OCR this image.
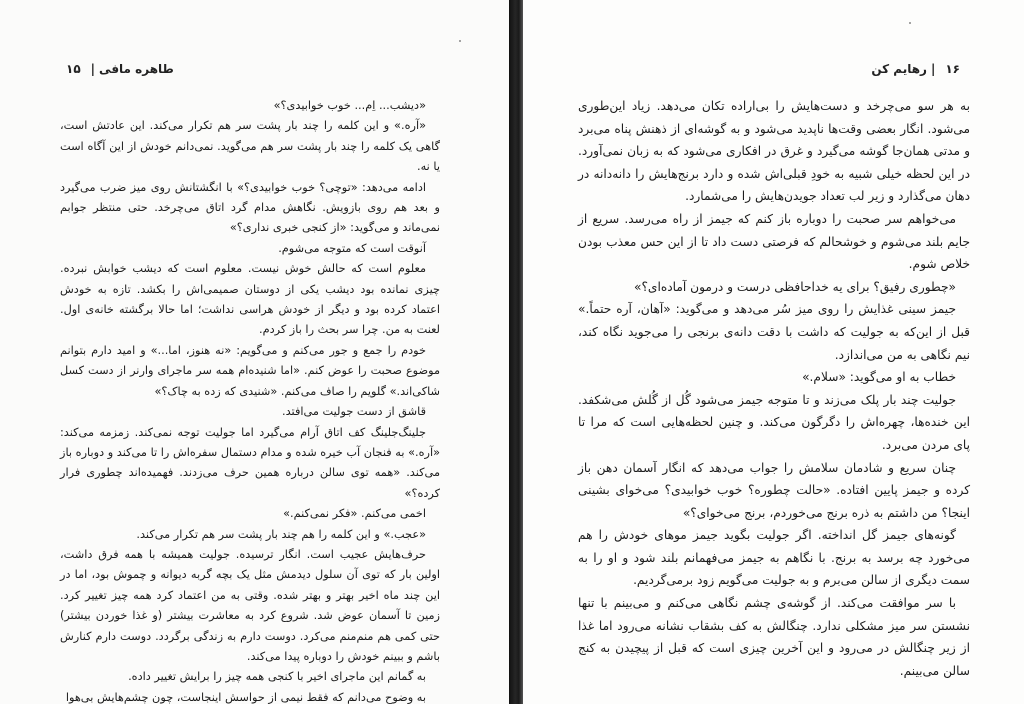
طاهره مافی|۱۵

«دیشب... اِم... خوب خوابیدی؟»

«آره.» و این کلمه را چند بار پشت سر هم تکرار می‌کند. این عادتش است، گاهی یک کلمه را چند بار پشت سر هم می‌گوید. نمی‌دانم خودش از این آگاه است یا نه.

ادامه می‌دهد: «توچی؟ خوب خوابیدی؟» با انگشتانش روی میز ضرب می‌گیرد و بعد هم روی بازویش. نگاهش مدام گرد اتاق می‌چرخد. حتی منتظر جوابم نمی‌ماند و می‌گوید: «از کنجی خبری نداری؟»

آنوقت است که متوجه می‌شوم.

معلوم است که حالش خوش نیست. معلوم است که دیشب خوابش نبرده. چیزی نمانده بود دیشب یکی از دوستان صمیمی‌اش را بکشد. تازه به خودش اعتماد کرده بود و دیگر از خودش هراسی نداشت؛ اما حالا برگشته خانه‌ی اول. لعنت به من. چرا سر بحث را باز کردم.

خودم را جمع و جور می‌کنم و می‌گویم: «نه هنوز، اما...» و امید دارم بتوانم موضوع صحبت را عوض کنم. «اما شنیده‌ام همه سر ماجرای وارنر از دست کسل شاکی‌اند.» گلویم را صاف می‌کنم. «شنیدی که زده به چاک؟»

قاشق از دست جولیت می‌افتد.

جلینگ‌جلینگ کف اتاق آرام می‌گیرد اما جولیت توجه نمی‌کند. زمزمه می‌کند: «آره.» به فنجان آب خیره شده و مدام دستمال سفره‌اش را تا می‌کند و دوباره باز می‌کند. «همه توی سالن درباره همین حرف می‌زدند. فهمیده‌اند چطوری فرار کرده؟»

اخمی می‌کنم. «فکر نمی‌کنم.»

«عجب.» و این کلمه را هم چند بار پشت سر هم تکرار می‌کند.

حرف‌هایش عجیب است. انگار ترسیده. جولیت همیشه با همه فرق داشت، اولین بار که توی آن سلول دیدمش مثل یک بچه گربه دیوانه و چموش بود، اما در این چند ماه اخیر بهتر و بهتر شده. وقتی به من اعتماد کرد همه چیز تغییر کرد. زمین تا آسمان عوض شد. شروع کرد به معاشرت بیشتر (و غذا خوردن بیشتر) حتی کمی هم منم‌منم می‌کرد. دوست دارم به زندگی برگردد. دوست دارم کنارش باشم و ببینم خودش را دوباره پیدا می‌کند.

به گمانم این ماجرای اخیر با کنجی همه چیز را برایش تغییر داده.

به وضوح می‌دانم که فقط نیمی از حواسش اینجاست، چون چشم‌هایش بی‌هوا

۱۶|رهایم کن

به هر سو می‌چرخد و دست‌هایش را بی‌اراده تکان می‌دهد. زیاد این‌طوری می‌شود. انگار بعضی وقت‌ها ناپدید می‌شود و به گوشه‌ای از ذهنش پناه می‌برد و مدتی همان‌جا گوشه می‌گیرد و غرق در افکاری می‌شود که به زبان نمی‌آورد. در این لحظه خیلی شبیه به خودِ قبلی‌اش شده و دارد برنج‌هایش را دانه‌دانه در دهان می‌گذارد و زیر لب تعداد جویدن‌هایش را می‌شمارد.

می‌خواهم سر صحبت را دوباره باز کنم که جیمز از راه می‌رسد. سریع از جایم بلند می‌شوم و خوشحالم که فرصتی دست داد تا از این حس معذب بودن خلاص شوم.

«چطوری رفیق؟ برای یه خداحافظی درست و درمون آماده‌ای؟»

جیمز سینی غذایش را روی میز سُر می‌دهد و می‌گوید: «آهان، آره حتماً.» قبل از این‌که به جولیت که داشت با دقت دانه‌ی برنجی را می‌جوید نگاه کند، نیم نگاهی به من می‌اندازد.

خطاب به او می‌گوید: «سلام.»

جولیت چند بار پلک می‌زند و تا متوجه جیمز می‌شود گُل از گُلش می‌شکفد. این خنده‌ها، چهره‌اش را دگرگون می‌کند. و چنین لحظه‌هایی است که مرا تا پای مردن می‌برد.

چنان سریع و شادمان سلامش را جواب می‌دهد که انگار آسمان دهن باز کرده و جیمز پایین افتاده. «حالت چطوره؟ خوب خوابیدی؟ می‌خوای بشینی اینجا؟ من داشتم به ذره برنج می‌خوردم، برنج می‌خوای؟»

گونه‌های جیمز گل انداخته. اگر جولیت بگوید جیمز موهای خودش را هم می‌خورد چه برسد به برنج. با نگاهم به جیمز می‌فهمانم بلند شود و او را به سمت دیگری از سالن می‌برم و به جولیت می‌گویم زود برمی‌گردیم.

با سر موافقت می‌کند. از گوشه‌ی چشم نگاهی می‌کنم و می‌بینم با تنها نشستن سر میز مشکلی ندارد. چنگالش به کف بشقاب نشانه می‌رود اما غذا از زیر چنگالش در می‌رود و این آخرین چیزی است که قبل از پیچیدن به کنج سالن می‌بینم.
